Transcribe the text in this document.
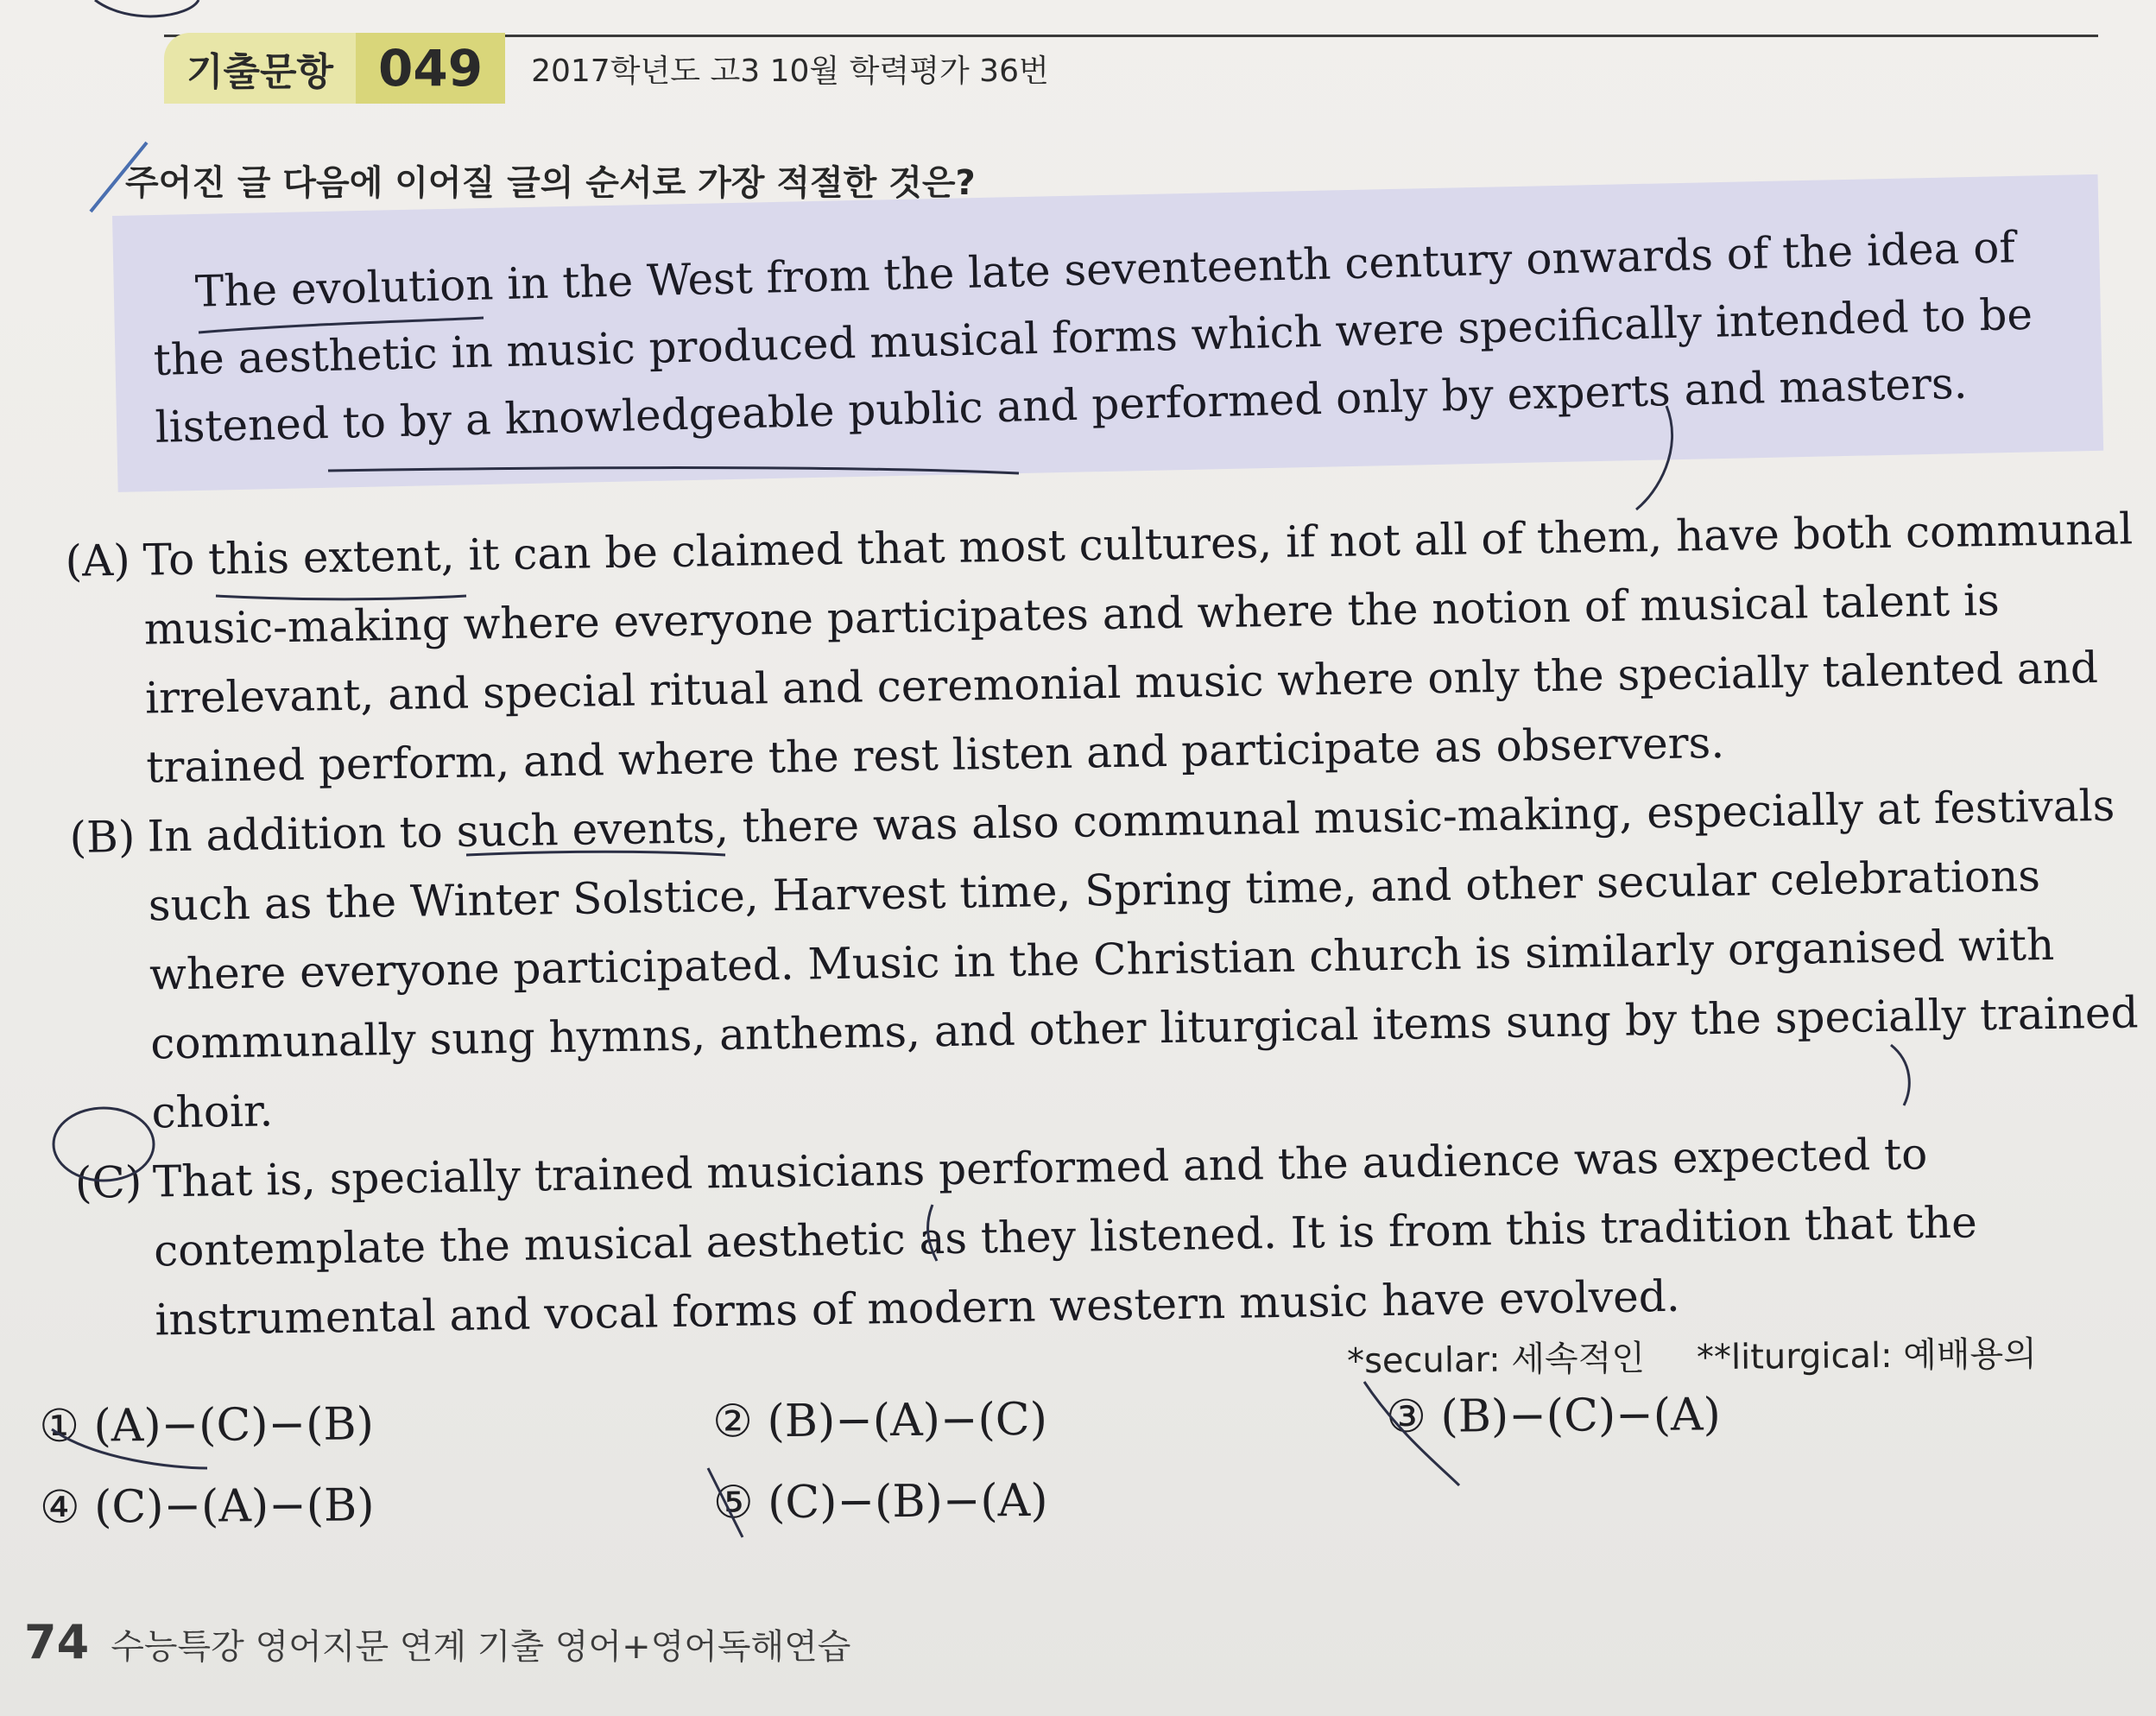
기출문항 049	2017학년도 고3 10월 학력평가 36번
주어진 글 다음에 이어질 글의 순서로 가장 적절한 것은?
The evolution in the West from the late seventeenth century onwards of the idea of the aesthetic in music produced musical forms which were specifically intended to be listened to by a knowledgeable public and performed only by experts and masters.

(A) To this extent, it can be claimed that most cultures, if not all of them, have both communal music-making where everyone participates and where the notion of musical talent is irrelevant, and special ritual and ceremonial music where only the specially talented and trained perform, and where the rest listen and participate as observers.

(B) In addition to such events, there was also communal music-making, especially at festivals such as the Winter Solstice, Harvest time, Spring time, and other secular celebrations where everyone participated. Music in the Christian church is similarly organised with communally sung hymns, anthems, and other liturgical items sung by the specially trained choir.

(C) That is, specially trained musicians performed and the audience was expected to contemplate the musical aesthetic as they listened. It is from this tradition that the instrumental and vocal forms of modern western music have evolved.

*secular: 세속적인 **liturgical: 예배용의
① (A)−(C)−(B)	② (B)−(A)−(C)	③ (B)−(C)−(A)
④ (C)−(A)−(B)	⑤ (C)−(B)−(A)
74 수능특강 영어지문 연계 기출 영어+영어독해연습
